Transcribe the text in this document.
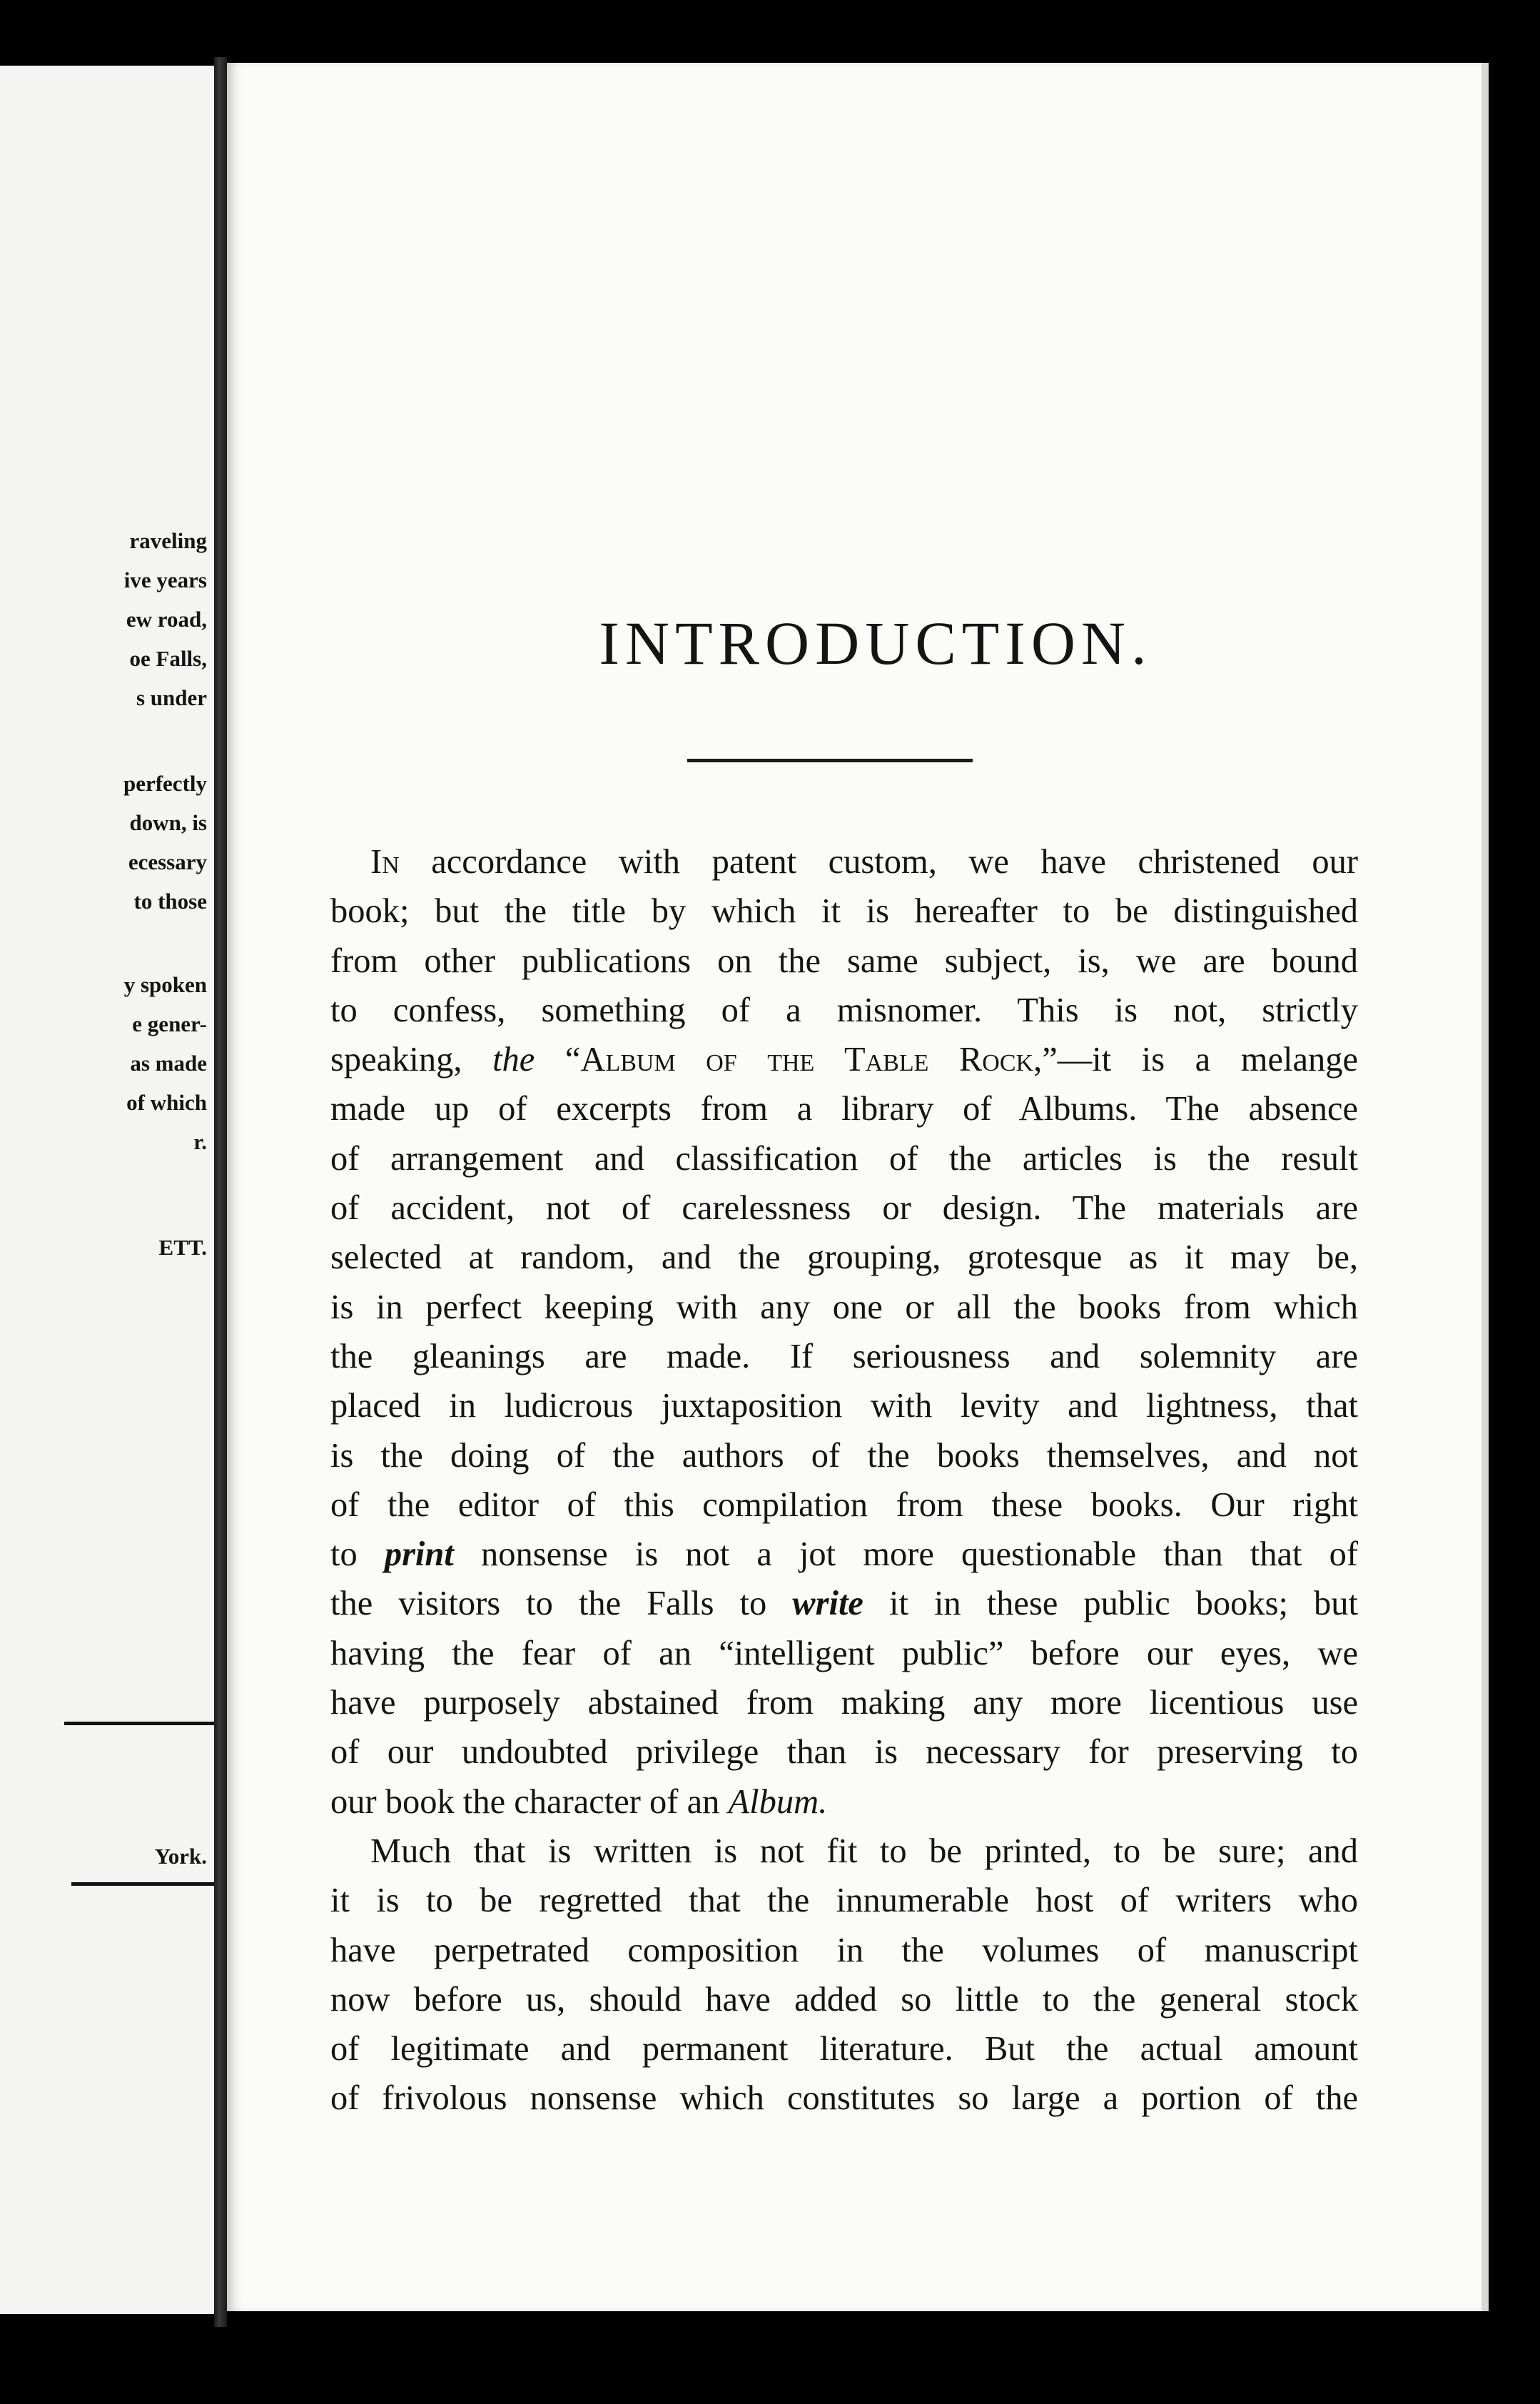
raveling
ive years
ew road,
oe Falls,
s under
perfectly
down, is
ecessary
to those
y spoken
e gener-
as made
of which
r.
ETT.
York.
INTRODUCTION.
In accordance with patent custom, we have christened our
book; but the title by which it is hereafter to be distinguished
from other publications on the same subject, is, we are bound
to confess, something of a misnomer. This is not, strictly
speaking, the “Album of the Table Rock,”—it is a melange
made up of excerpts from a library of Albums. The absence
of arrangement and classification of the articles is the result
of accident, not of carelessness or design. The materials are
selected at random, and the grouping, grotesque as it may be,
is in perfect keeping with any one or all the books from which
the gleanings are made. If seriousness and solemnity are
placed in ludicrous juxtaposition with levity and lightness, that
is the doing of the authors of the books themselves, and not
of the editor of this compilation from these books. Our right
to print nonsense is not a jot more questionable than that of
the visitors to the Falls to write it in these public books; but
having the fear of an “intelligent public” before our eyes, we
have purposely abstained from making any more licentious use
of our undoubted privilege than is necessary for preserving to
our book the character of an Album.
Much that is written is not fit to be printed, to be sure; and
it is to be regretted that the innumerable host of writers who
have perpetrated composition in the volumes of manuscript
now before us, should have added so little to the general stock
of legitimate and permanent literature. But the actual amount
of frivolous nonsense which constitutes so large a portion of the
